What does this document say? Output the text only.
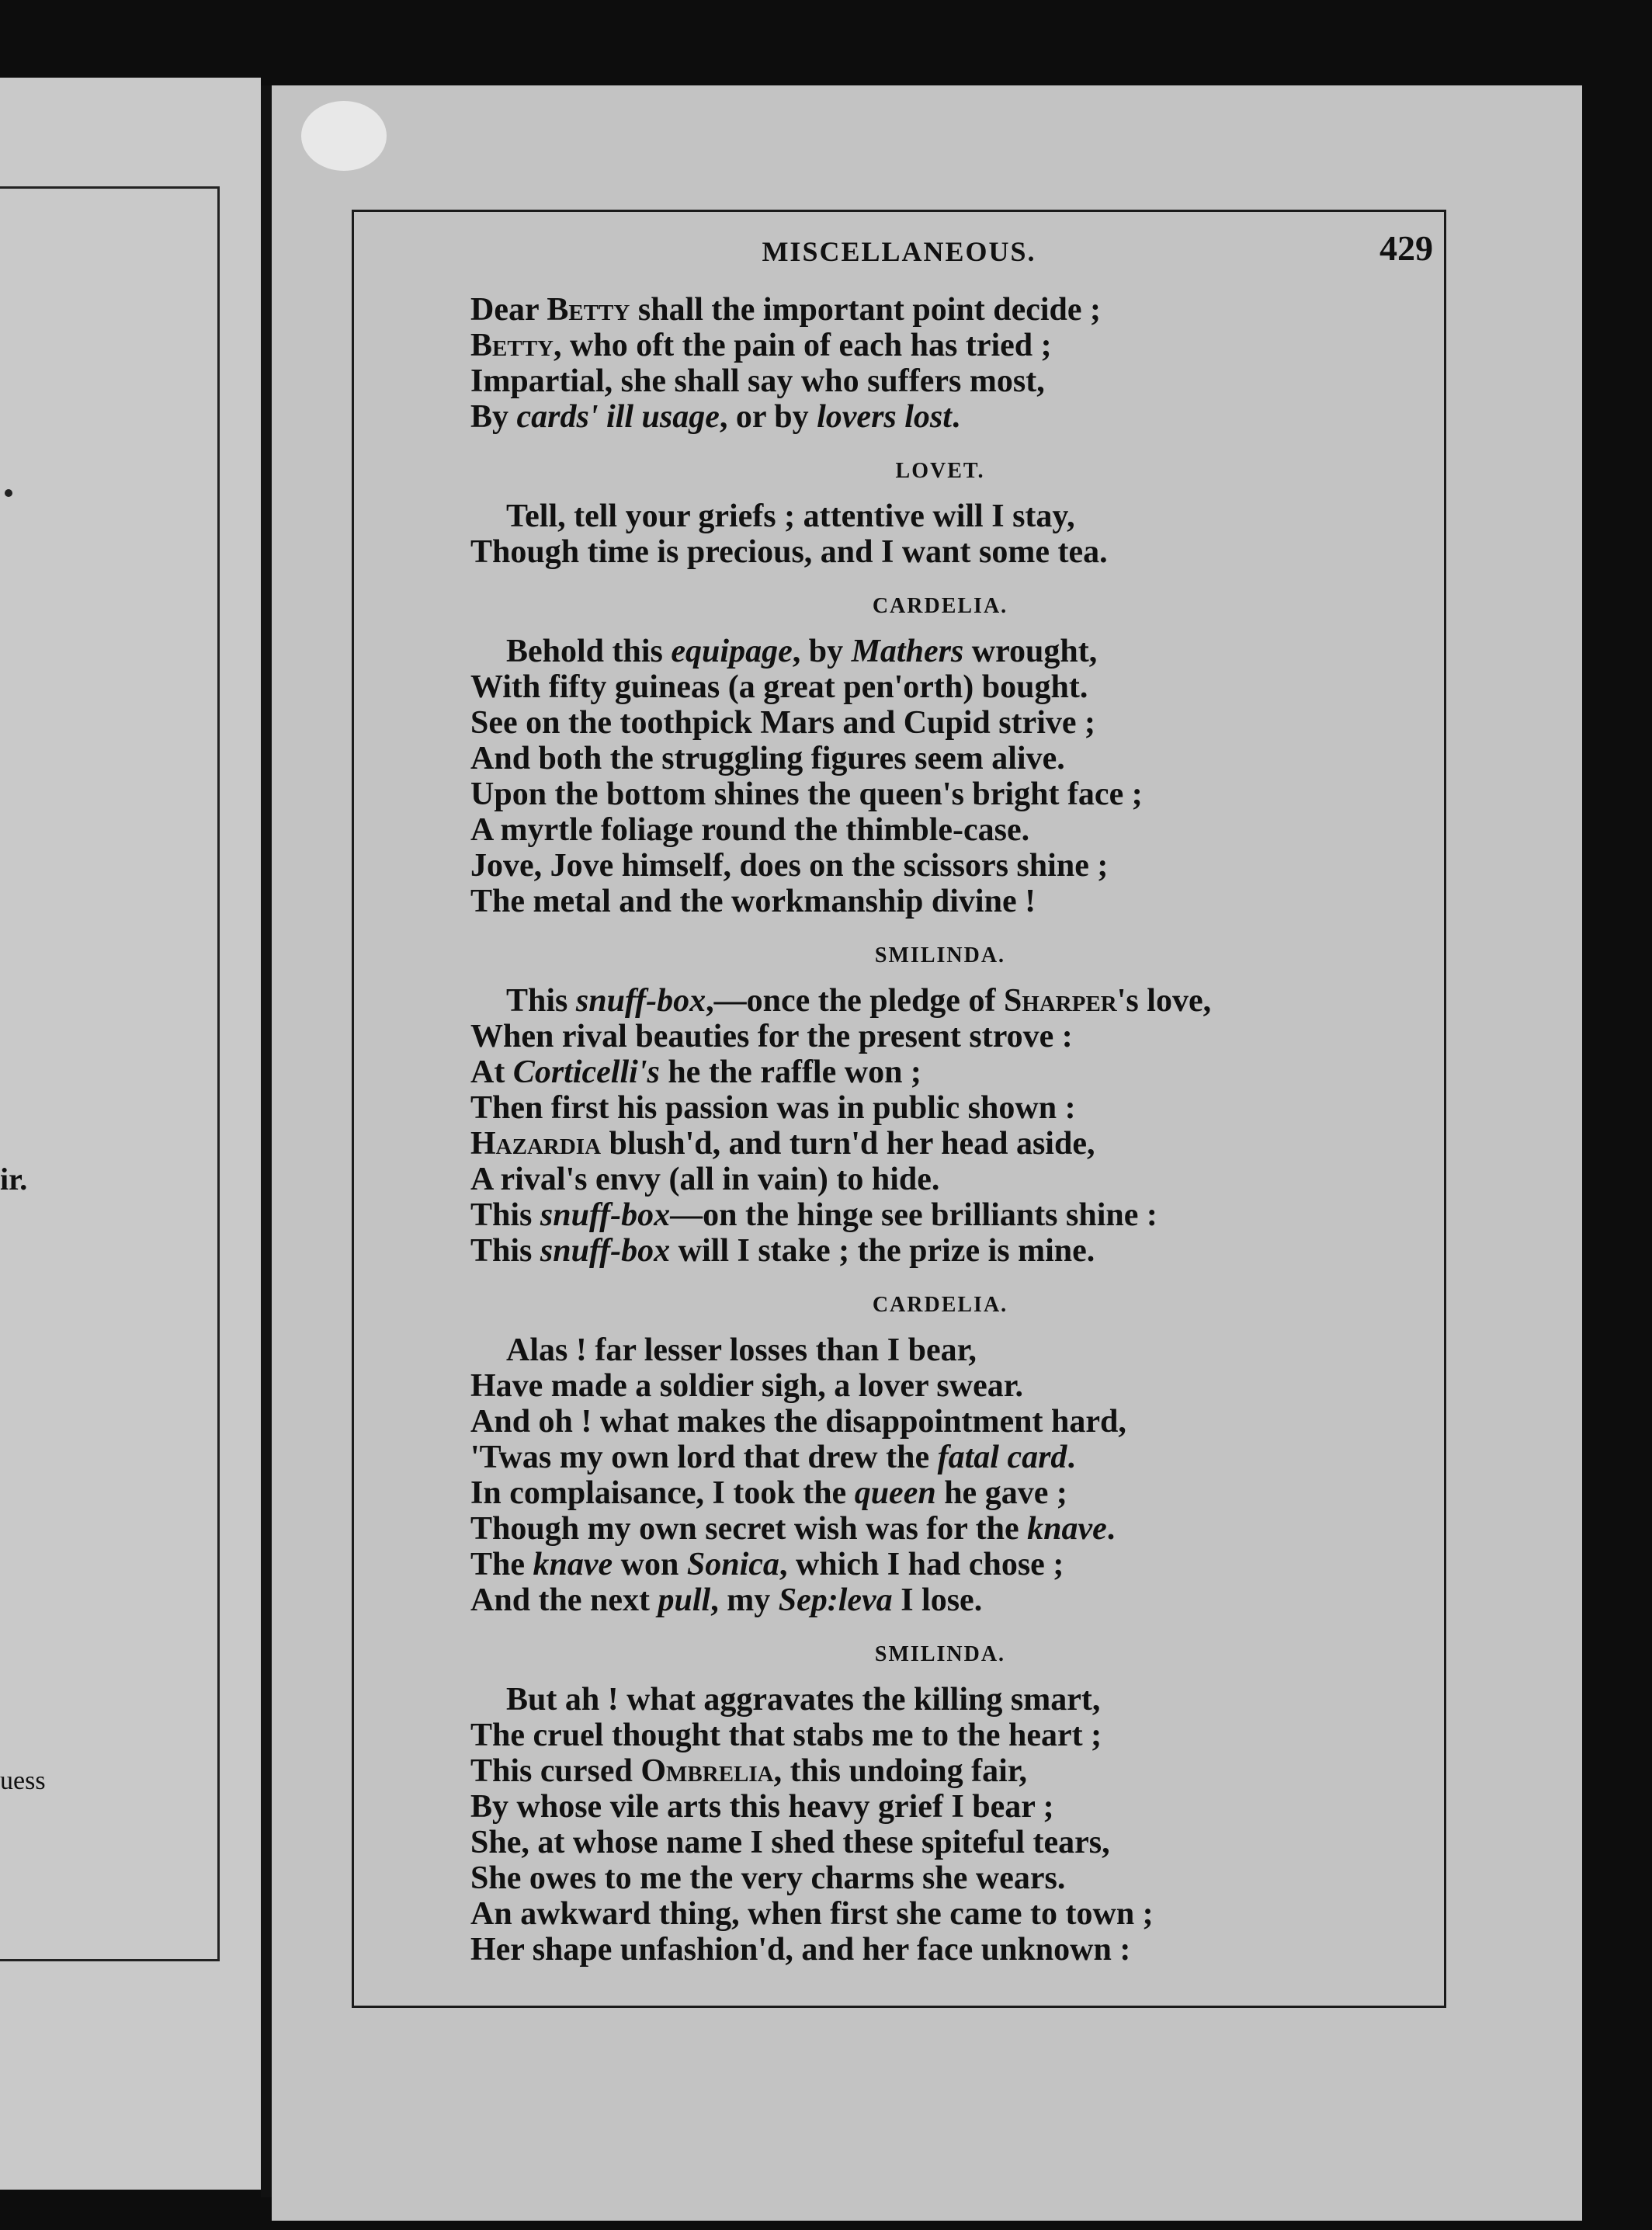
ir.
uess
MISCELLANEOUS.	429
Dear Betty shall the important point decide ;
Betty, who oft the pain of each has tried ;
Impartial, she shall say who suffers most,
By cards' ill usage, or by lovers lost.
LOVET.
Tell, tell your griefs ; attentive will I stay,
Though time is precious, and I want some tea.
CARDELIA.
Behold this equipage, by Mathers wrought,
With fifty guineas (a great pen'orth) bought.
See on the toothpick Mars and Cupid strive ;
And both the struggling figures seem alive.
Upon the bottom shines the queen's bright face ;
A myrtle foliage round the thimble-case.
Jove, Jove himself, does on the scissors shine ;
The metal and the workmanship divine !
SMILINDA.
This snuff-box,—once the pledge of Sharper's love,
When rival beauties for the present strove :
At Corticelli's he the raffle won ;
Then first his passion was in public shown :
Hazardia blush'd, and turn'd her head aside,
A rival's envy (all in vain) to hide.
This snuff-box—on the hinge see brilliants shine :
This snuff-box will I stake ; the prize is mine.
CARDELIA.
Alas ! far lesser losses than I bear,
Have made a soldier sigh, a lover swear.
And oh ! what makes the disappointment hard,
'Twas my own lord that drew the fatal card.
In complaisance, I took the queen he gave ;
Though my own secret wish was for the knave.
The knave won Sonica, which I had chose ;
And the next pull, my Sep:leva I lose.
SMILINDA.
But ah ! what aggravates the killing smart,
The cruel thought that stabs me to the heart ;
This cursed Ombrelia, this undoing fair,
By whose vile arts this heavy grief I bear ;
She, at whose name I shed these spiteful tears,
She owes to me the very charms she wears.
An awkward thing, when first she came to town ;
Her shape unfashion'd, and her face unknown :
